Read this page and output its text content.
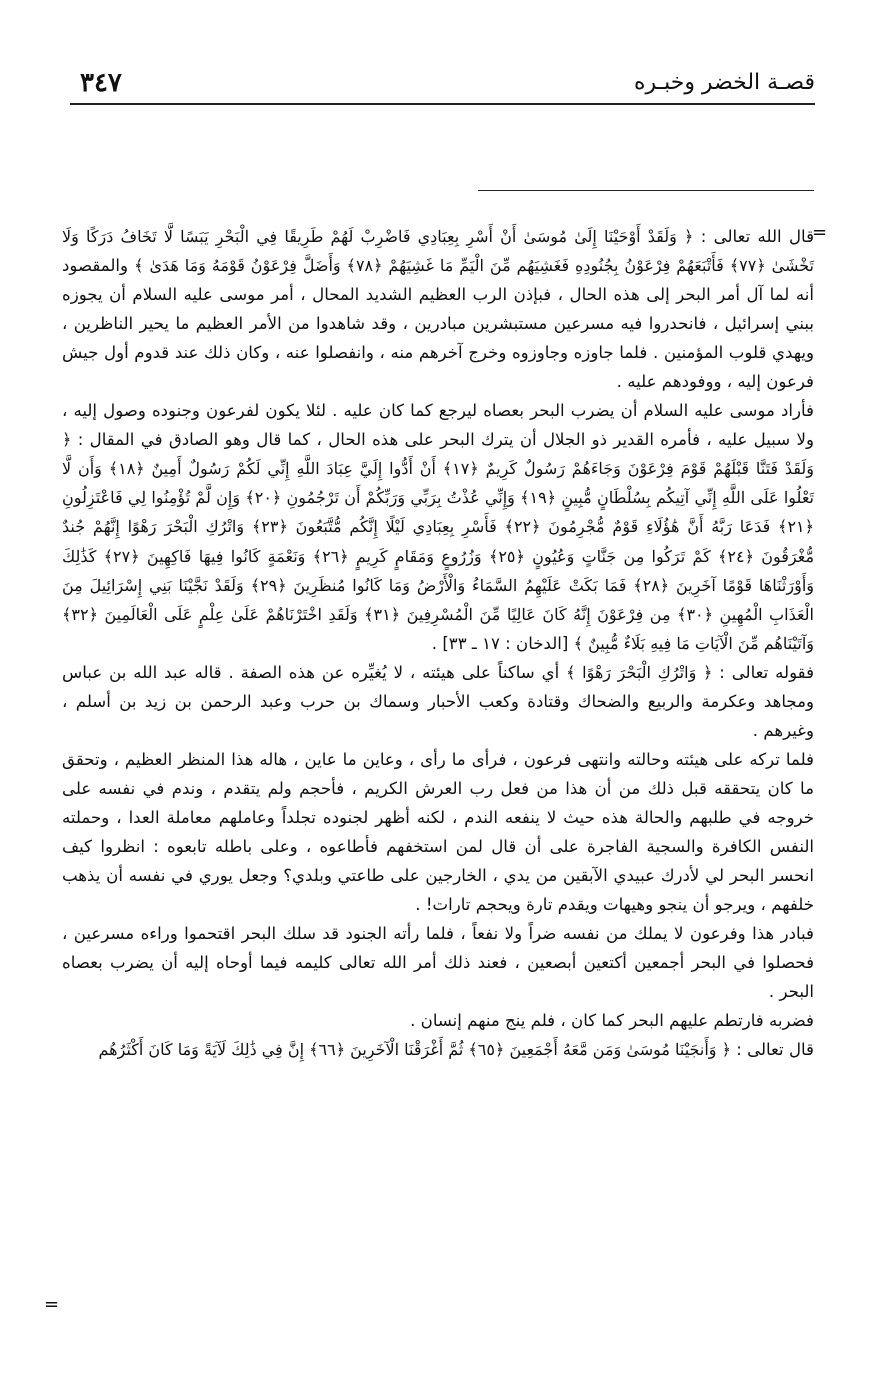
٣٤٧	قصـة الخضر وخبـره
=
=

قال الله تعالى : ﴿ وَلَقَدْ أَوْحَيْنَا إِلَىٰ مُوسَىٰ أَنْ أَسْرِ بِعِبَادِي فَاضْرِبْ لَهُمْ طَرِيقًا فِي الْبَحْرِ يَبَسًا لَّا تَخَافُ دَرَكًا وَلَا تَخْشَىٰ ﴿٧٧﴾ فَأَتْبَعَهُمْ فِرْعَوْنُ بِجُنُودِهِ فَغَشِيَهُم مِّنَ الْيَمِّ مَا غَشِيَهُمْ ﴿٧٨﴾ وَأَضَلَّ فِرْعَوْنُ قَوْمَهُ وَمَا هَدَىٰ ﴾ والمقصود أنه لما آل أمر البحر إلى هذه الحال ، فبإذن الرب العظيم الشديد المحال ، أمر موسى عليه السلام أن يجوزه ببني إسرائيل ، فانحدروا فيه مسرعين مستبشرين مبادرين ، وقد شاهدوا من الأمر العظيم ما يحير الناظرين ، ويهدي قلوب المؤمنين . فلما جاوزه وجاوزوه وخرج آخرهم منه ، وانفصلوا عنه ، وكان ذلك عند قدوم أول جيش فرعون إليه ، ووفودهم عليه .

فأراد موسى عليه السلام أن يضرب البحر بعصاه ليرجع كما كان عليه . لئلا يكون لفرعون وجنوده وصول إليه ، ولا سبيل عليه ، فأمره القدير ذو الجلال أن يترك البحر على هذه الحال ، كما قال وهو الصادق في المقال : ﴿ وَلَقَدْ فَتَنَّا قَبْلَهُمْ قَوْمَ فِرْعَوْنَ وَجَاءَهُمْ رَسُولٌ كَرِيمٌ ﴿١٧﴾ أَنْ أَدُّوا إِلَيَّ عِبَادَ اللَّهِ إِنِّي لَكُمْ رَسُولٌ أَمِينٌ ﴿١٨﴾ وَأَن لَّا تَعْلُوا عَلَى اللَّهِ إِنِّي آتِيكُم بِسُلْطَانٍ مُّبِينٍ ﴿١٩﴾ وَإِنِّي عُذْتُ بِرَبِّي وَرَبِّكُمْ أَن تَرْجُمُونِ ﴿٢٠﴾ وَإِن لَّمْ تُؤْمِنُوا لِي فَاعْتَزِلُونِ ﴿٢١﴾ فَدَعَا رَبَّهُ أَنَّ هَٰؤُلَاءِ قَوْمٌ مُّجْرِمُونَ ﴿٢٢﴾ فَأَسْرِ بِعِبَادِي لَيْلًا إِنَّكُم مُّتَّبَعُونَ ﴿٢٣﴾ وَاتْرُكِ الْبَحْرَ رَهْوًا إِنَّهُمْ جُندٌ مُّغْرَقُونَ ﴿٢٤﴾ كَمْ تَرَكُوا مِن جَنَّاتٍ وَعُيُونٍ ﴿٢٥﴾ وَزُرُوعٍ وَمَقَامٍ كَرِيمٍ ﴿٢٦﴾ وَنَعْمَةٍ كَانُوا فِيهَا فَاكِهِينَ ﴿٢٧﴾ كَذَٰلِكَ وَأَوْرَثْنَاهَا قَوْمًا آخَرِينَ ﴿٢٨﴾ فَمَا بَكَتْ عَلَيْهِمُ السَّمَاءُ وَالْأَرْضُ وَمَا كَانُوا مُنظَرِينَ ﴿٢٩﴾ وَلَقَدْ نَجَّيْنَا بَنِي إِسْرَائِيلَ مِنَ الْعَذَابِ الْمُهِينِ ﴿٣٠﴾ مِن فِرْعَوْنَ إِنَّهُ كَانَ عَالِيًا مِّنَ الْمُسْرِفِينَ ﴿٣١﴾ وَلَقَدِ اخْتَرْنَاهُمْ عَلَىٰ عِلْمٍ عَلَى الْعَالَمِينَ ﴿٣٢﴾ وَآتَيْنَاهُم مِّنَ الْآيَاتِ مَا فِيهِ بَلَاءٌ مُّبِينٌ ﴾ [الدخان : ١٧ ـ ٣٣] .

فقوله تعالى : ﴿ وَاتْرُكِ الْبَحْرَ رَهْوًا ﴾ أي ساكناً على هيئته ، لا يُغيِّره عن هذه الصفة . قاله عبد الله بن عباس ومجاهد وعكرمة والربيع والضحاك وقتادة وكعب الأحبار وسماك بن حرب وعبد الرحمن بن زيد بن أسلم ، وغيرهم .

فلما تركه على هيئته وحالته وانتهى فرعون ، فرأى ما رأى ، وعاين ما عاين ، هاله هذا المنظر العظيم ، وتحقق ما كان يتحققه قبل ذلك من أن هذا من فعل رب العرش الكريم ، فأحجم ولم يتقدم ، وندم في نفسه على خروجه في طلبهم والحالة هذه حيث لا ينفعه الندم ، لكنه أظهر لجنوده تجلداً وعاملهم معاملة العدا ، وحملته النفس الكافرة والسجية الفاجرة على أن قال لمن استخفهم فأطاعوه ، وعلى باطله تابعوه : انظروا كيف انحسر البحر لي لأدرك عبيدي الآبقين من يدي ، الخارجين على طاعتي وبلدي؟ وجعل يوري في نفسه أن يذهب خلفهم ، ويرجو أن ينجو وهيهات ويقدم تارة ويحجم تارات! .

فبادر هذا وفرعون لا يملك من نفسه ضراً ولا نفعاً ، فلما رأته الجنود قد سلك البحر اقتحموا وراءه مسرعين ، فحصلوا في البحر أجمعين أكتعين أبصعين ، فعند ذلك أمر الله تعالى كليمه فيما أوحاه إليه أن يضرب بعصاه البحر .

فضربه فارتطم عليهم البحر كما كان ، فلم ينج منهم إنسان .

قال تعالى : ﴿ وَأَنجَيْنَا مُوسَىٰ وَمَن مَّعَهُ أَجْمَعِينَ ﴿٦٥﴾ ثُمَّ أَغْرَقْنَا الْآخَرِينَ ﴿٦٦﴾ إِنَّ فِي ذَٰلِكَ لَآيَةً وَمَا كَانَ أَكْثَرُهُم
